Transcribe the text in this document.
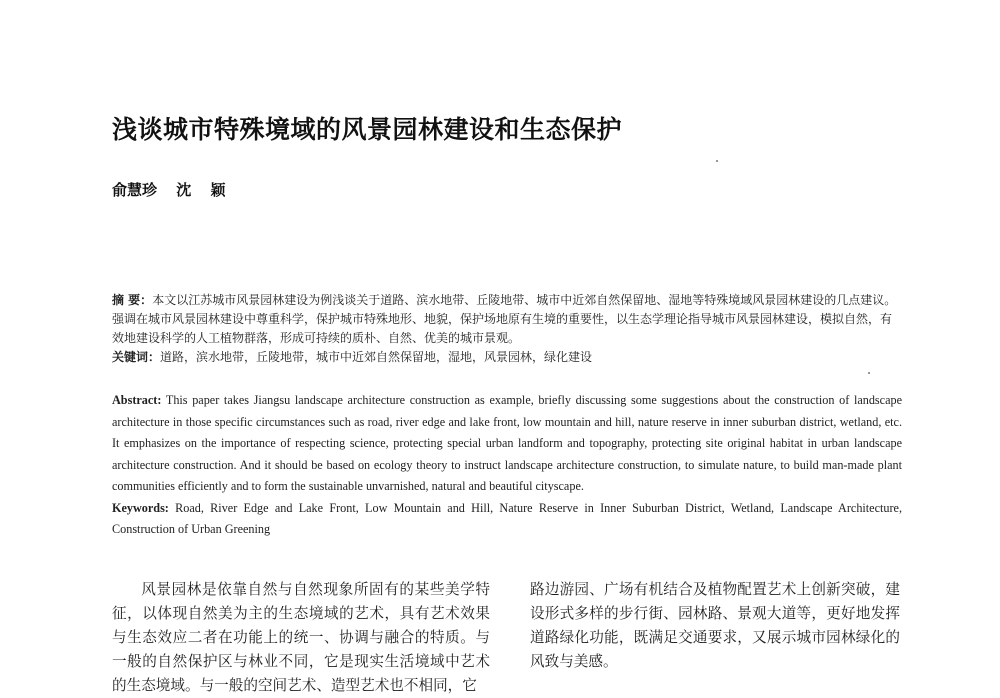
浅谈城市特殊境域的风景园林建设和生态保护
俞慧珍 沈 颖
摘 要：本文以江苏城市风景园林建设为例浅谈关于道路、滨水地带、丘陵地带、城市中近郊自然保留地、湿地等特殊境域风景园林建设的几点建议。强调在城市风景园林建设中尊重科学，保护城市特殊地形、地貌，保护场地原有生境的重要性，以生态学理论指导城市风景园林建设，模拟自然，有效地建设科学的人工植物群落，形成可持续的质朴、自然、优美的城市景观。
关键词：道路，滨水地带，丘陵地带，城市中近郊自然保留地，湿地，风景园林，绿化建设
Abstract: This paper takes Jiangsu landscape architecture construction as example, briefly discussing some suggestions about the construction of landscape architecture in those specific circumstances such as road, river edge and lake front, low mountain and hill, nature reserve in inner suburban district, wetland, etc. It emphasizes on the importance of respecting science, protecting special urban landform and topography, protecting site original habitat in urban landscape architecture construction. And it should be based on ecology theory to instruct landscape architecture construction, to simulate nature, to build man-made plant communities efficiently and to form the sustainable unvarnished, natural and beautiful cityscape.
Keywords: Road, River Edge and Lake Front, Low Mountain and Hill, Nature Reserve in Inner Suburban District, Wetland, Landscape Architecture, Construction of Urban Greening
风景园林是依靠自然与自然现象所固有的某些美学特征，以体现自然美为主的生态境域的艺术，具有艺术效果与生态效应二者在功能上的统一、协调与融合的特质。与一般的自然保护区与林业不同，它是现实生活境域中艺术的生态境域。与一般的空间艺术、造型艺术也不相同，它
路边游园、广场有机结合及植物配置艺术上创新突破，建设形式多样的步行街、园林路、景观大道等，更好地发挥道路绿化功能，既满足交通要求，又展示城市园林绿化的风致与美感。
